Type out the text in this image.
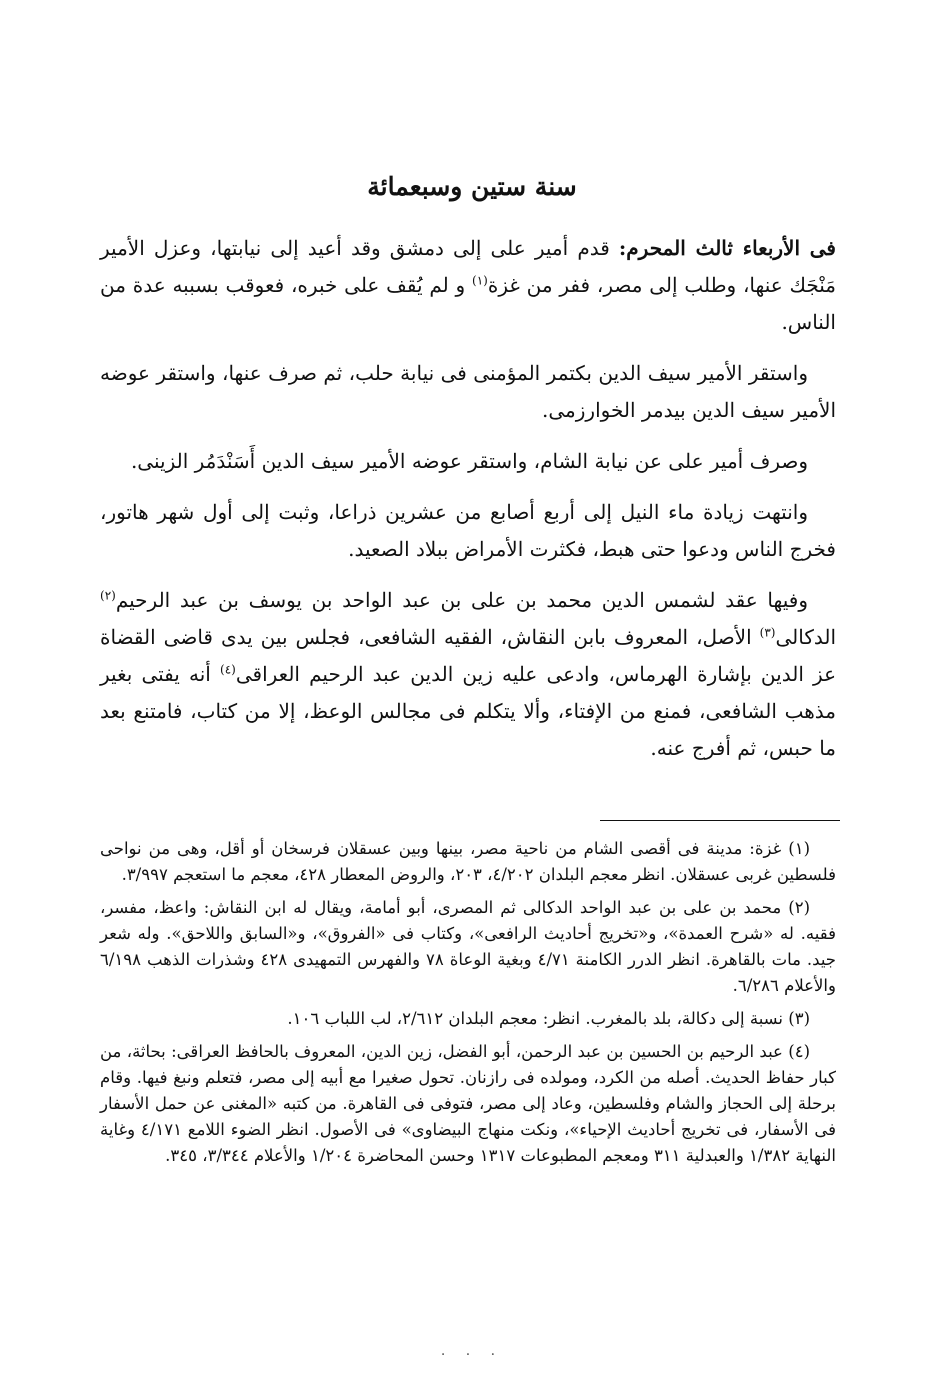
سنة ستين وسبعمائة

فى الأربعاء ثالث المحرم: قدم أمير على إلى دمشق وقد أعيد إلى نيابتها، وعزل الأمير مَنْجَك عنها، وطلب إلى مصر، ففر من غزة$^{(١)}$ و لم يُقف على خبره، فعوقب بسببه عدة من الناس.

واستقر الأمير سيف الدين بكتمر المؤمنى فى نيابة حلب، ثم صرف عنها، واستقر عوضه الأمير سيف الدين بيدمر الخوارزمى.

وصرف أمير على عن نيابة الشام، واستقر عوضه الأمير سيف الدين أَسَنْدَمُر الزينى.

وانتهت زيادة ماء النيل إلى أربع أصابع من عشرين ذراعا، وثبت إلى أول شهر هاتور، فخرج الناس ودعوا حتى هبط، فكثرت الأمراض ببلاد الصعيد.

وفيها عقد لشمس الدين محمد بن على بن عبد الواحد بن يوسف بن عبد الرحيم$^{(٢)}$ الدكالى$^{(٣)}$ الأصل، المعروف بابن النقاش، الفقيه الشافعى، فجلس بين يدى قاضى القضاة عز الدين بإشارة الهرماس، وادعى عليه زين الدين عبد الرحيم العراقى$^{(٤)}$ أنه يفتى بغير مذهب الشافعى، فمنع من الإفتاء، وألا يتكلم فى مجالس الوعظ، إلا من كتاب، فامتنع بعد ما حبس، ثم أفرج عنه.

(١) غزة: مدينة فى أقصى الشام من ناحية مصر، بينها وبين عسقلان فرسخان أو أقل، وهى من نواحى فلسطين غربى عسقلان. انظر معجم البلدان ٤/٢٠٢، ٢٠٣، والروض المعطار ٤٢٨، معجم ما استعجم ٣/٩٩٧.

(٢) محمد بن على بن عبد الواحد الدكالى ثم المصرى، أبو أمامة، ويقال له ابن النقاش: واعظ، مفسر، فقيه. له «شرح العمدة»، و«تخريج أحاديث الرافعى»، وكتاب فى «الفروق»، و«السابق واللاحق». وله شعر جيد. مات بالقاهرة. انظر الدرر الكامنة ٤/٧١ وبغية الوعاة ٧٨ والفهرس التمهيدى ٤٢٨ وشذرات الذهب ٦/١٩٨ والأعلام ٦/٢٨٦.

(٣) نسبة إلى دكالة، بلد بالمغرب. انظر: معجم البلدان ٢/٦١٢، لب اللباب ١٠٦.

(٤) عبد الرحيم بن الحسين بن عبد الرحمن، أبو الفضل، زين الدين، المعروف بالحافظ العراقى: بحاثة، من كبار حفاظ الحديث. أصله من الكرد، ومولده فى رازنان. تحول صغيرا مع أبيه إلى مصر، فتعلم ونبغ فيها. وقام برحلة إلى الحجاز والشام وفلسطين، وعاد إلى مصر، فتوفى فى القاهرة. من كتبه «المغنى عن حمل الأسفار فى الأسفار، فى تخريج أحاديث الإحياء»، ونكت منهاج البيضاوى» فى الأصول. انظر الضوء اللامع ٤/١٧١ وغاية النهاية ١/٣٨٢ والعبدلية ٣١١ ومعجم المطبوعات ١٣١٧ وحسن المحاضرة ١/٢٠٤ والأعلام ٣/٣٤٤، ٣٤٥.

· · ·
